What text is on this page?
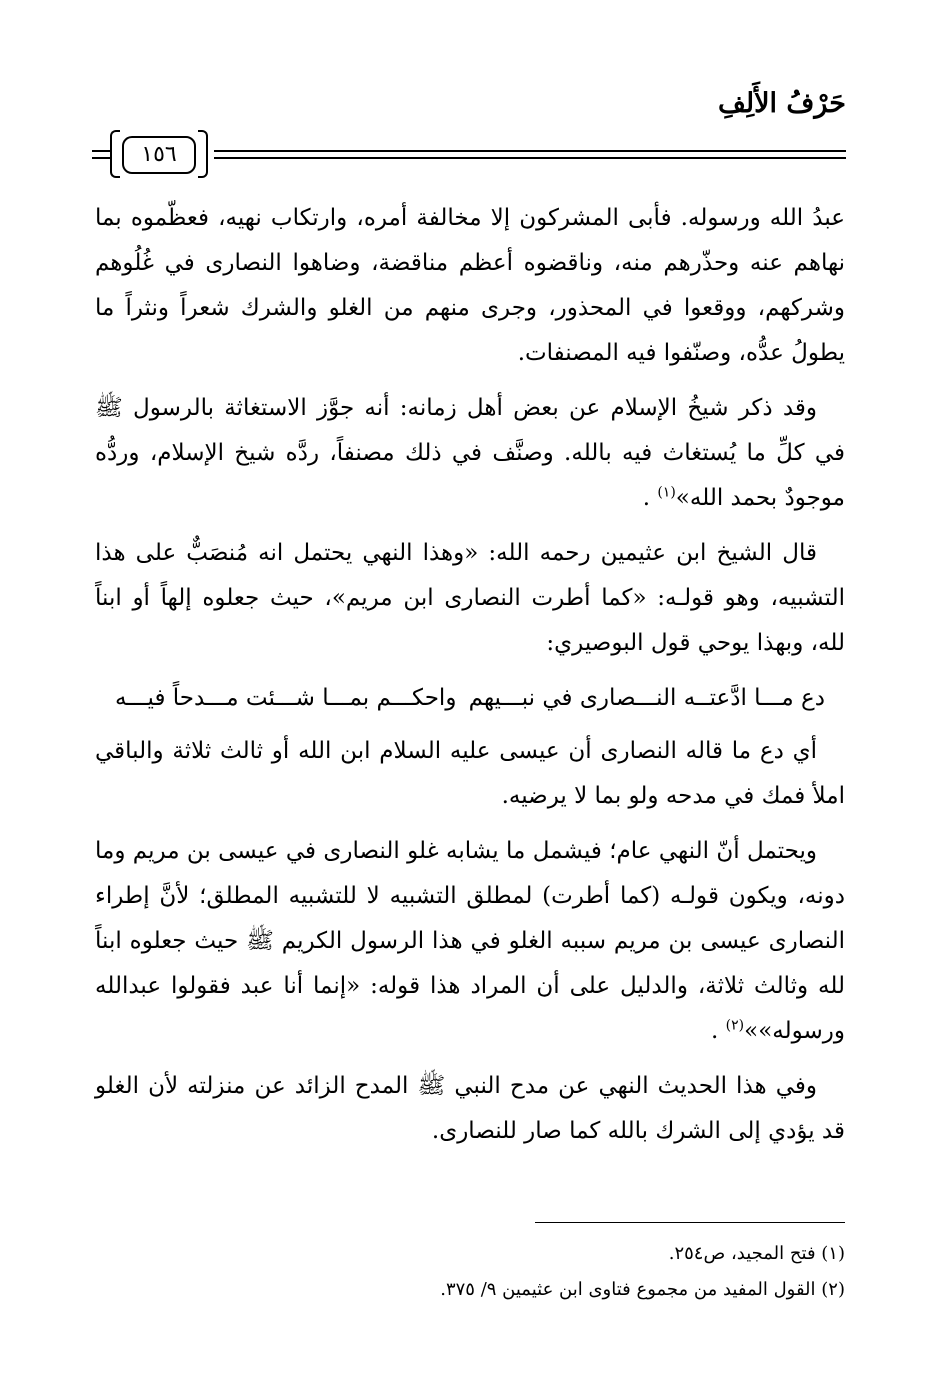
حَرْفُ الأَلِفِ
١٥٦

عبدُ الله ورسوله. فأبى المشركون إلا مخالفة أمره، وارتكاب نهيه، فعظّموه بما نهاهم عنه وحذّرهم منه، وناقضوه أعظم مناقضة، وضاهوا النصارى في غُلُوهم وشركهم، ووقعوا في المحذور، وجرى منهم من الغلو والشرك شعراً ونثراً ما يطولُ عدُّه، وصنّفوا فيه المصنفات.

وقد ذكر شيخُ الإسلام عن بعض أهل زمانه: أنه جوَّز الاستغاثة بالرسول ﷺ في كلِّ ما يُستغاث فيه بالله. وصنَّف في ذلك مصنفاً، ردَّه شيخ الإسلام، وردُّه موجودٌ بحمد الله»$^{(١)}$ .

قال الشيخ ابن عثيمين رحمه الله: «وهذا النهي يحتمل انه مُنصَبٌّ على هذا التشبيه، وهو قولـه: «كما أطرت النصارى ابن مريم»، حيث جعلوه إلهاً أو ابناً لله، وبهذا يوحي قول البوصيري:

دع مـــا ادَّعتــه النـــصارى في نبـــيهم
واحكـــم بمـــا شـــئت مـــدحاً فيـــه

أي دع ما قاله النصارى أن عيسى عليه السلام ابن الله أو ثالث ثلاثة والباقي املأ فمك في مدحه ولو بما لا يرضيه.

ويحتمل أنّ النهي عام؛ فيشمل ما يشابه غلو النصارى في عيسى بن مريم وما دونه، ويكون قولـه (كما أطرت) لمطلق التشبيه لا للتشبيه المطلق؛ لأنَّ إطراء النصارى عيسى بن مريم سببه الغلو في هذا الرسول الكريم ﷺ حيث جعلوه ابناً لله وثالث ثلاثة، والدليل على أن المراد هذا قوله: «إنما أنا عبد فقولوا عبدالله ورسوله»»$^{(٢)}$ .

وفي هذا الحديث النهي عن مدح النبي ﷺ المدح الزائد عن منزلته لأن الغلو قد يؤدي إلى الشرك بالله كما صار للنصارى.

(١) فتح المجيد، ص٢٥٤.
(٢) القول المفيد من مجموع فتاوى ابن عثيمين ٩/ ٣٧٥.
